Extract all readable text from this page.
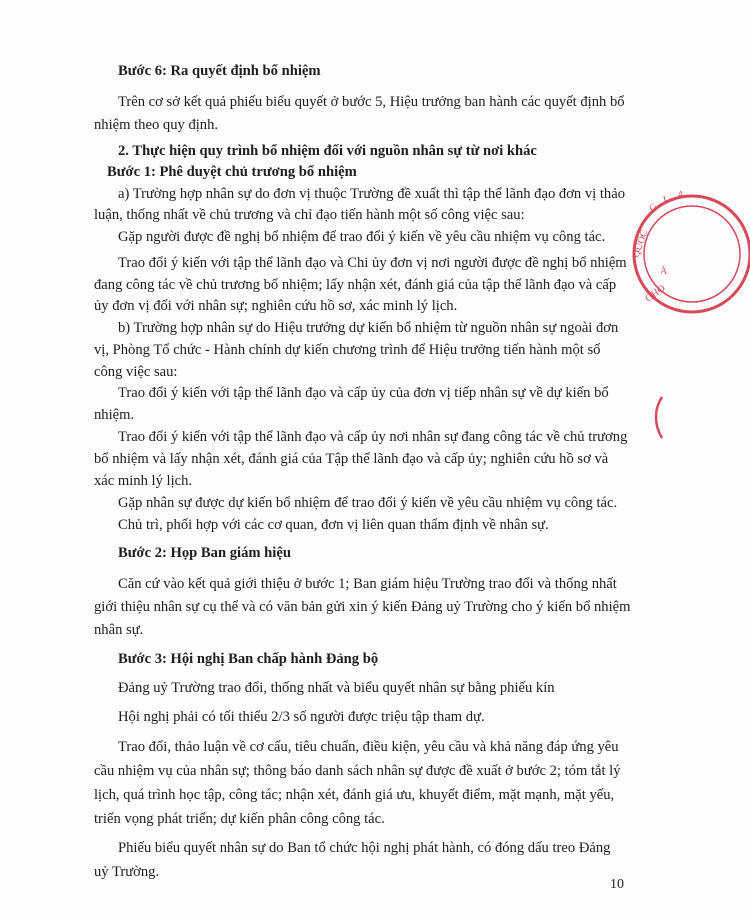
Bước 6: Ra quyết định bổ nhiệm
Trên cơ sở kết quả phiếu biểu quyết ở bước 5, Hiệu trưởng ban hành các quyết định bổ
nhiệm theo quy định.
2. Thực hiện quy trình bổ nhiệm đối với nguồn nhân sự từ nơi khác
Bước 1: Phê duyệt chủ trương bổ nhiệm
a) Trường hợp nhân sự do đơn vị thuộc Trường đề xuất thì tập thể lãnh đạo đơn vị thảo
luận, thống nhất về chủ trương và chỉ đạo tiến hành một số công việc sau:
Gặp người được đề nghị bổ nhiệm để trao đổi ý kiến về yêu cầu nhiệm vụ công tác.
Trao đổi ý kiến với tập thể lãnh đạo và Chi ủy đơn vị nơi người được đề nghị bổ nhiệm
đang công tác về chủ trương bổ nhiệm; lấy nhận xét, đánh giá của tập thể lãnh đạo và cấp
ủy đơn vị đối với nhân sự; nghiên cứu hồ sơ, xác minh lý lịch.
b) Trường hợp nhân sự do Hiệu trưởng dự kiến bổ nhiệm từ nguồn nhân sự ngoài đơn
vị, Phòng Tổ chức - Hành chính dự kiến chương trình để Hiệu trưởng tiến hành một số
công việc sau:
Trao đổi ý kiến với tập thể lãnh đạo và cấp ủy của đơn vị tiếp nhân sự về dự kiến bổ
nhiệm.
Trao đổi ý kiến với tập thể lãnh đạo và cấp ủy nơi nhân sự đang công tác về chủ trương
bổ nhiệm và lấy nhận xét, đánh giá của Tập thể lãnh đạo và cấp ủy; nghiên cứu hồ sơ và
xác minh lý lịch.
Gặp nhân sự được dự kiến bổ nhiệm để trao đổi ý kiến về yêu cầu nhiệm vụ công tác.
Chủ trì, phối hợp với các cơ quan, đơn vị liên quan thẩm định về nhân sự.
Bước 2: Họp Ban giám hiệu
Căn cứ vào kết quả giới thiệu ở bước 1; Ban giám hiệu Trường trao đổi và thống nhất
giới thiệu nhân sự cụ thể và có văn bản gửi xin ý kiến Đảng uỷ Trường cho ý kiến bổ nhiệm
nhân sự.
Bước 3: Hội nghị Ban chấp hành Đảng bộ
Đảng uỷ Trường trao đổi, thống nhất và biểu quyết nhân sự bằng phiếu kín
Hội nghị phải có tối thiểu 2/3 số người được triệu tập tham dự.
Trao đổi, thảo luận về cơ cấu, tiêu chuẩn, điều kiện, yêu cầu và khả năng đáp ứng yêu
cầu nhiệm vụ của nhân sự; thông báo danh sách nhân sự được đề xuất ở bước 2; tóm tắt lý
lịch, quá trình học tập, công tác; nhận xét, đánh giá ưu, khuyết điểm, mặt mạnh, mặt yếu,
triển vọng phát triển; dự kiến phân công công tác.
Phiếu biểu quyết nhân sự do Ban tổ chức hội nghị phát hành, có đóng dấu treo Đảng
uỷ Trường.
10
G
I A
QUỐC
Ả
OHO
